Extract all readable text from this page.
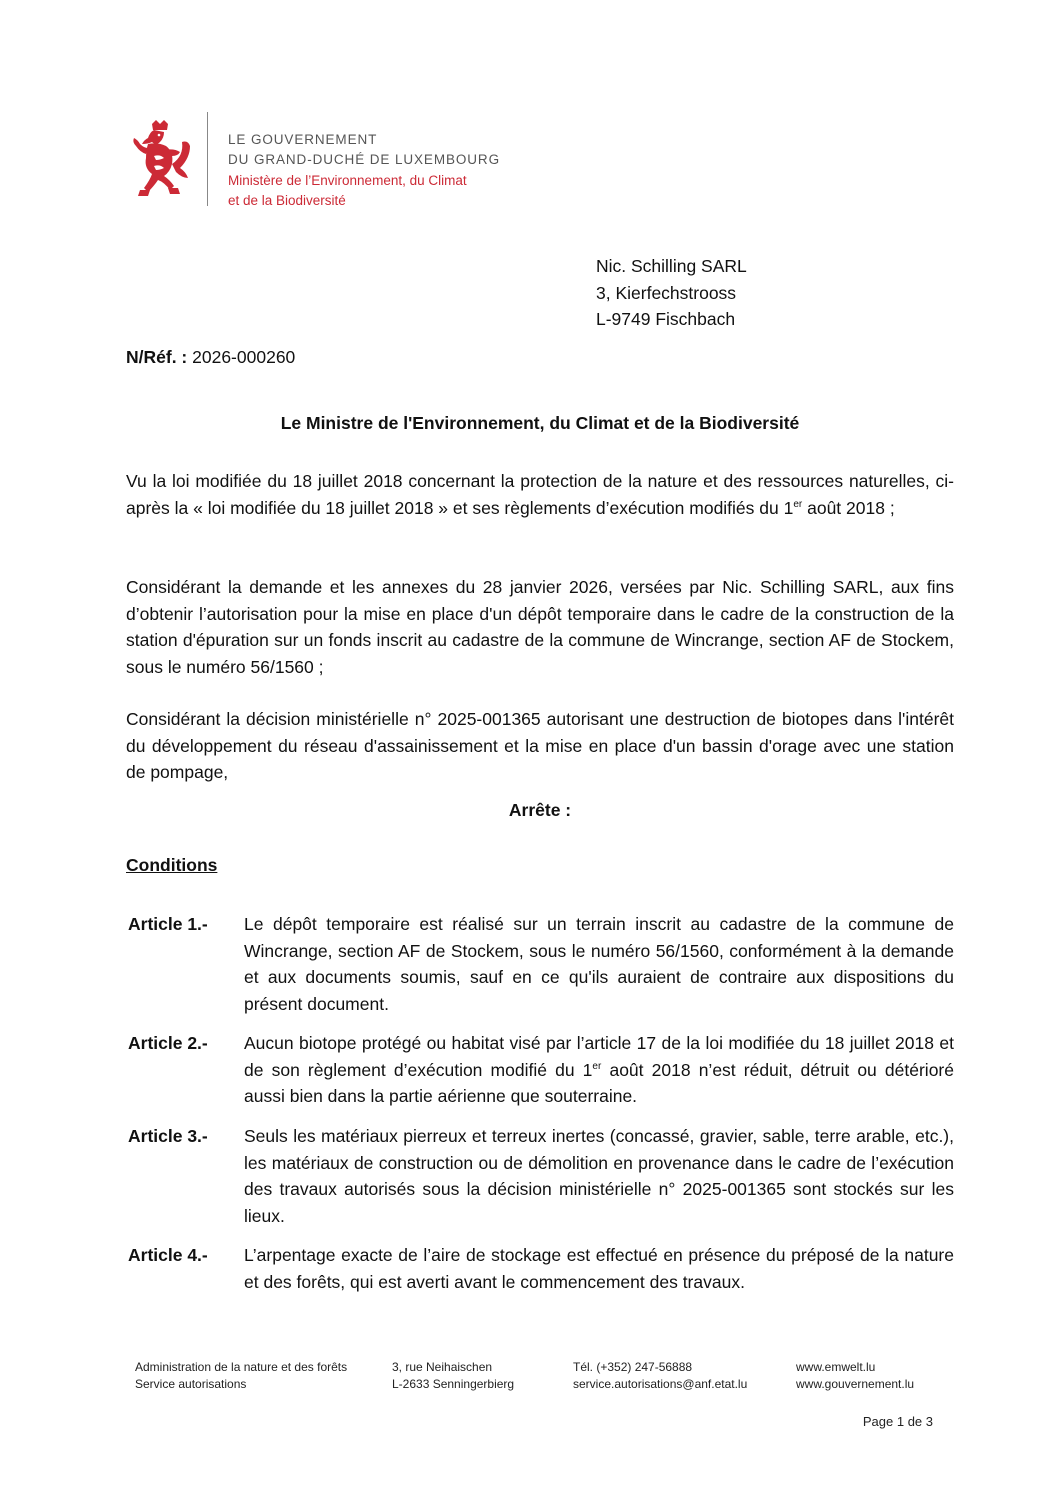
LE GOUVERNEMENT
DU GRAND-DUCHÉ DE LUXEMBOURG
Ministère de l’Environnement, du Climat
et de la Biodiversité
Nic. Schilling SARL
3, Kierfechstrooss
L-9749 Fischbach
N/Réf. : 2026-000260
Le Ministre de l'Environnement, du Climat et de la Biodiversité
Vu la loi modifiée du 18 juillet 2018 concernant la protection de la nature et des ressources naturelles, ci-après la « loi modifiée du 18 juillet 2018 » et ses règlements d’exécution modifiés du 1er août 2018 ;
Considérant la demande et les annexes du 28 janvier 2026, versées par Nic. Schilling SARL, aux fins d’obtenir l’autorisation pour la mise en place d'un dépôt temporaire dans le cadre de la construction de la station d'épuration sur un fonds inscrit au cadastre de la commune de Wincrange, section AF de Stockem, sous le numéro 56/1560 ;
Considérant la décision ministérielle n° 2025-001365 autorisant une destruction de biotopes dans l'intérêt du développement du réseau d'assainissement et la mise en place d'un bassin d'orage avec une station de pompage,
Arrête :
Conditions
Article 1.-	Le dépôt temporaire est réalisé sur un terrain inscrit au cadastre de la commune de Wincrange, section AF de Stockem, sous le numéro 56/1560, conformément à la demande et aux documents soumis, sauf en ce qu'ils auraient de contraire aux dispositions du présent document.
Article 2.-	Aucun biotope protégé ou habitat visé par l’article 17 de la loi modifiée du 18 juillet 2018 et de son règlement d’exécution modifié du 1er août 2018 n’est réduit, détruit ou détérioré aussi bien dans la partie aérienne que souterraine.
Article 3.-	Seuls les matériaux pierreux et terreux inertes (concassé, gravier, sable, terre arable, etc.), les matériaux de construction ou de démolition en provenance dans le cadre de l’exécution des travaux autorisés sous la décision ministérielle n° 2025-001365 sont stockés sur les lieux.
Article 4.-	L’arpentage exacte de l’aire de stockage est effectué en présence du préposé de la nature et des forêts, qui est averti avant le commencement des travaux.
Administration de la nature et des forêts
Service autorisations
3, rue Neihaischen
L-2633 Senningerbierg
Tél. (+352) 247-56888
service.autorisations@anf.etat.lu
www.emwelt.lu
www.gouvernement.lu
Page 1 de 3
